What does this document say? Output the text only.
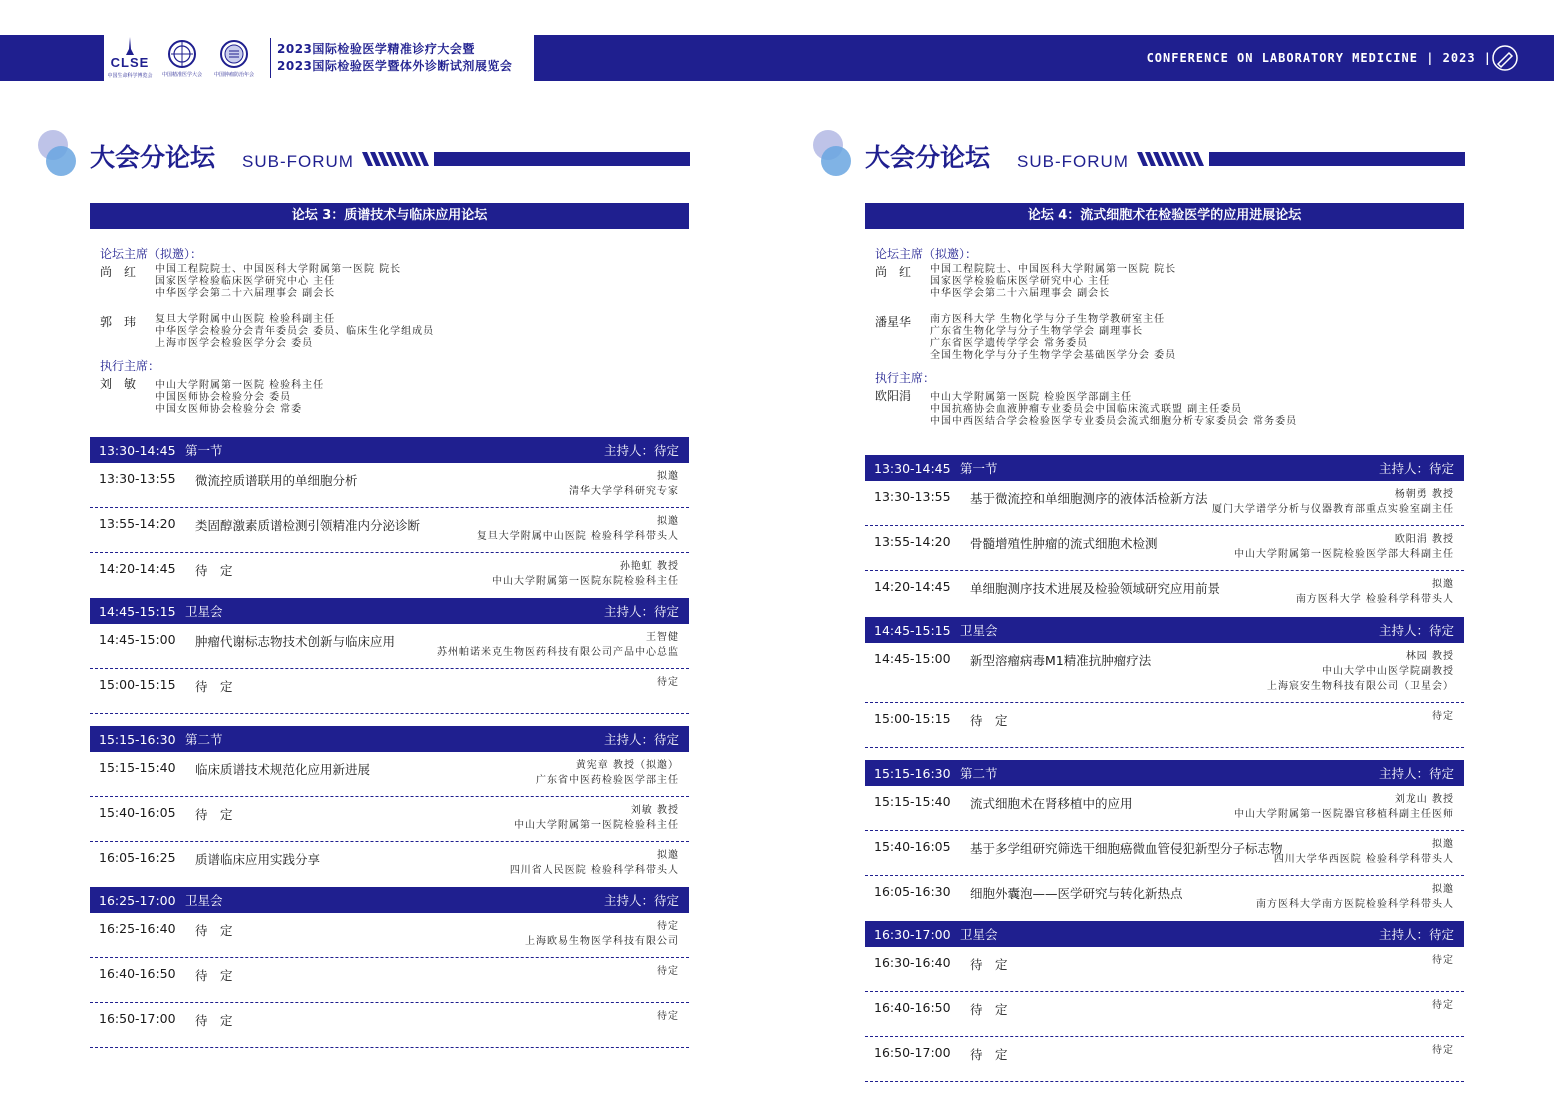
CLSE
中国生命科学博览会 中国精准医学大会 中国肿瘤防治年会
2023国际检验医学精准诊疗大会暨
2023国际检验医学暨体外诊断试剂展览会
CONFERENCE ON LABORATORY MEDICINE | 2023 |
大会分论坛 SUB-FORUM
论坛 3：质谱技术与临床应用论坛
论坛主席（拟邀）：
尚　红	中国工程院院士、中国医科大学附属第一医院 院长
国家医学检验临床医学研究中心 主任
中华医学会第二十六届理事会 副会长
郭　玮	复旦大学附属中山医院 检验科副主任
中华医学会检验分会青年委员会 委员、临床生化学组成员
上海市医学会检验医学分会 委员
执行主席：
刘　敏	中山大学附属第一医院 检验科主任
中国医师协会检验分会 委员
中国女医师协会检验分会 常委
13:30-14:45 第一节	主持人：待定
13:30-13:55 微流控质谱联用的单细胞分析	拟邀
清华大学学科研究专家
13:55-14:20 类固醇激素质谱检测引领精准内分泌诊断	拟邀
复旦大学附属中山医院 检验科学科带头人
14:20-14:45 待　定	孙艳虹 教授
中山大学附属第一医院东院检验科主任
14:45-15:15 卫星会	主持人：待定
14:45-15:00 肿瘤代谢标志物技术创新与临床应用	王智健
苏州帕诺米克生物医药科技有限公司产品中心总监
15:00-15:15 待　定	待定
15:15-16:30 第二节	主持人：待定
15:15-15:40 临床质谱技术规范化应用新进展	黄宪章 教授（拟邀）
广东省中医药检验医学部主任
15:40-16:05 待　定	刘敏 教授
中山大学附属第一医院检验科主任
16:05-16:25 质谱临床应用实践分享	拟邀
四川省人民医院 检验科学科带头人
16:25-17:00 卫星会	主持人：待定
16:25-16:40 待　定	待定
上海欧易生物医学科技有限公司
16:40-16:50 待　定	待定
16:50-17:00 待　定	待定
大会分论坛 SUB-FORUM
论坛 4：流式细胞术在检验医学的应用进展论坛
论坛主席（拟邀）：
尚　红	中国工程院院士、中国医科大学附属第一医院 院长
国家医学检验临床医学研究中心 主任
中华医学会第二十六届理事会 副会长
潘星华	南方医科大学 生物化学与分子生物学教研室主任
广东省生物化学与分子生物学学会 副理事长
广东省医学遗传学学会 常务委员
全国生物化学与分子生物学学会基础医学分会 委员
执行主席：
欧阳涓	中山大学附属第一医院 检验医学部副主任
中国抗癌协会血液肿瘤专业委员会中国临床流式联盟 副主任委员
中国中西医结合学会检验医学专业委员会流式细胞分析专家委员会 常务委员
13:30-14:45 第一节	主持人：待定
13:30-13:55 基于微流控和单细胞测序的液体活检新方法	杨朝勇 教授
厦门大学谱学分析与仪器教育部重点实验室副主任
13:55-14:20 骨髓增殖性肿瘤的流式细胞术检测	欧阳涓 教授
中山大学附属第一医院检验医学部大科副主任
14:20-14:45 单细胞测序技术进展及检验领域研究应用前景	拟邀
南方医科大学 检验科学科带头人
14:45-15:15 卫星会	主持人：待定
14:45-15:00 新型溶瘤病毒M1精准抗肿瘤疗法	林园 教授
中山大学中山医学院副教授
上海宸安生物科技有限公司（卫星会）
15:00-15:15 待　定	待定
15:15-16:30 第二节	主持人：待定
15:15-15:40 流式细胞术在肾移植中的应用	刘龙山 教授
中山大学附属第一医院器官移植科副主任医师
15:40-16:05 基于多学组研究筛选干细胞癌微血管侵犯新型分子标志物	拟邀
四川大学华西医院 检验科学科带头人
16:05-16:30 细胞外囊泡——医学研究与转化新热点	拟邀
南方医科大学南方医院检验科学科带头人
16:30-17:00 卫星会	主持人：待定
16:30-16:40 待　定	待定
16:40-16:50 待　定	待定
16:50-17:00 待　定	待定
